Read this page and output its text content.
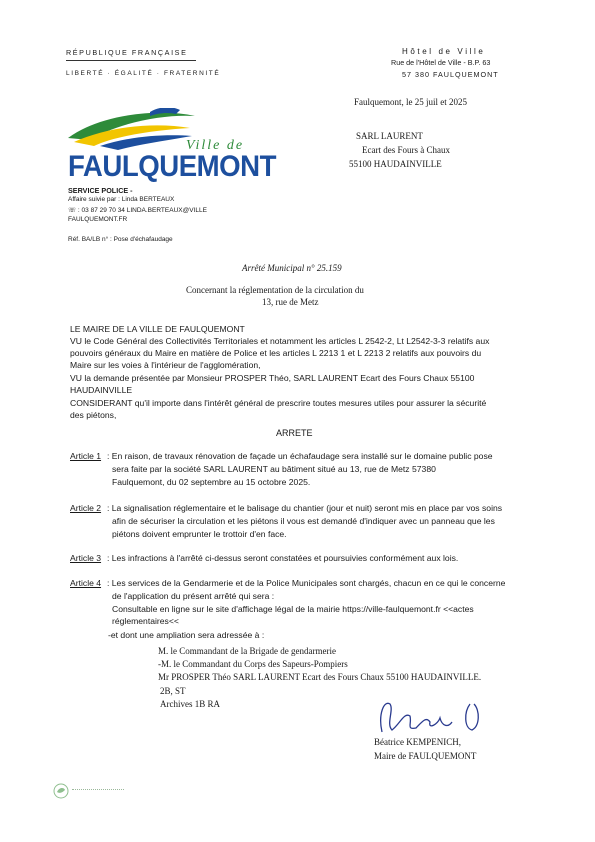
RÉPUBLIQUE FRANÇAISE
LIBERTÉ · ÉGALITÉ · FRATERNITÉ
Hôtel de Ville
Rue de l'Hôtel de Ville - B.P. 63
57 380 FAULQUEMONT
Faulquemont, le 25 juil et 2025
SARL LAURENT
Ecart des Fours à Chaux
55100 HAUDAINVILLE
Ville de
FAULQUEMONT
SERVICE POLICE -
Affaire suivie par : Linda BERTEAUX
☏ : 03 87 29 70 34 LINDA.BERTEAUX@VILLE
FAULQUEMONT.FR
Réf. BA/LB n° : Pose d'échafaudage
Arrêté Municipal n° 25.159
Concernant la réglementation de la circulation du
13, rue de Metz
LE MAIRE DE LA VILLE DE FAULQUEMONT
VU le Code Général des Collectivités Territoriales et notamment les articles L 2542-2, Lt L2542-3-3 relatifs aux
pouvoirs généraux du Maire en matière de Police et les articles L 2213 1 et L 2213 2 relatifs aux pouvoirs du
Maire sur les voies à l'intérieur de l'agglomération,
VU la demande présentée par Monsieur PROSPER Théo, SARL LAURENT Ecart des Fours Chaux 55100
HAUDAINVILLE
CONSIDERANT qu'il importe dans l'intérêt général de prescrire toutes mesures utiles pour assurer la sécurité
des piétons,
ARRETE
Article 1 : En raison, de travaux rénovation de façade un échafaudage sera installé sur le domaine public pose
sera faite par la société SARL LAURENT au bâtiment situé au 13, rue de Metz 57380
Faulquemont, du 02 septembre au 15 octobre 2025.
Article 2 : La signalisation réglementaire et le balisage du chantier (jour et nuit) seront mis en place par vos soins
afin de sécuriser la circulation et les piétons il vous est demandé d'indiquer avec un panneau que les
piétons doivent emprunter le trottoir d'en face.
Article 3 : Les infractions à l'arrêté ci-dessus seront constatées et poursuivies conformément aux lois.
Article 4 : Les services de la Gendarmerie et de la Police Municipales sont chargés, chacun en ce qui le concerne
de l'application du présent arrêté qui sera :
Consultable en ligne sur le site d'affichage légal de la mairie https://ville-faulquemont.fr <<actes
réglementaires<<
-et dont une ampliation sera adressée à :
M. le Commandant de la Brigade de gendarmerie
-M. le Commandant du Corps des Sapeurs-Pompiers
Mr PROSPER Théo SARL LAURENT Ecart des Fours Chaux 55100 HAUDAINVILLE.
2B, ST
Archives 1B RA
Béatrice KEMPENICH,
Maire de FAULQUEMONT
